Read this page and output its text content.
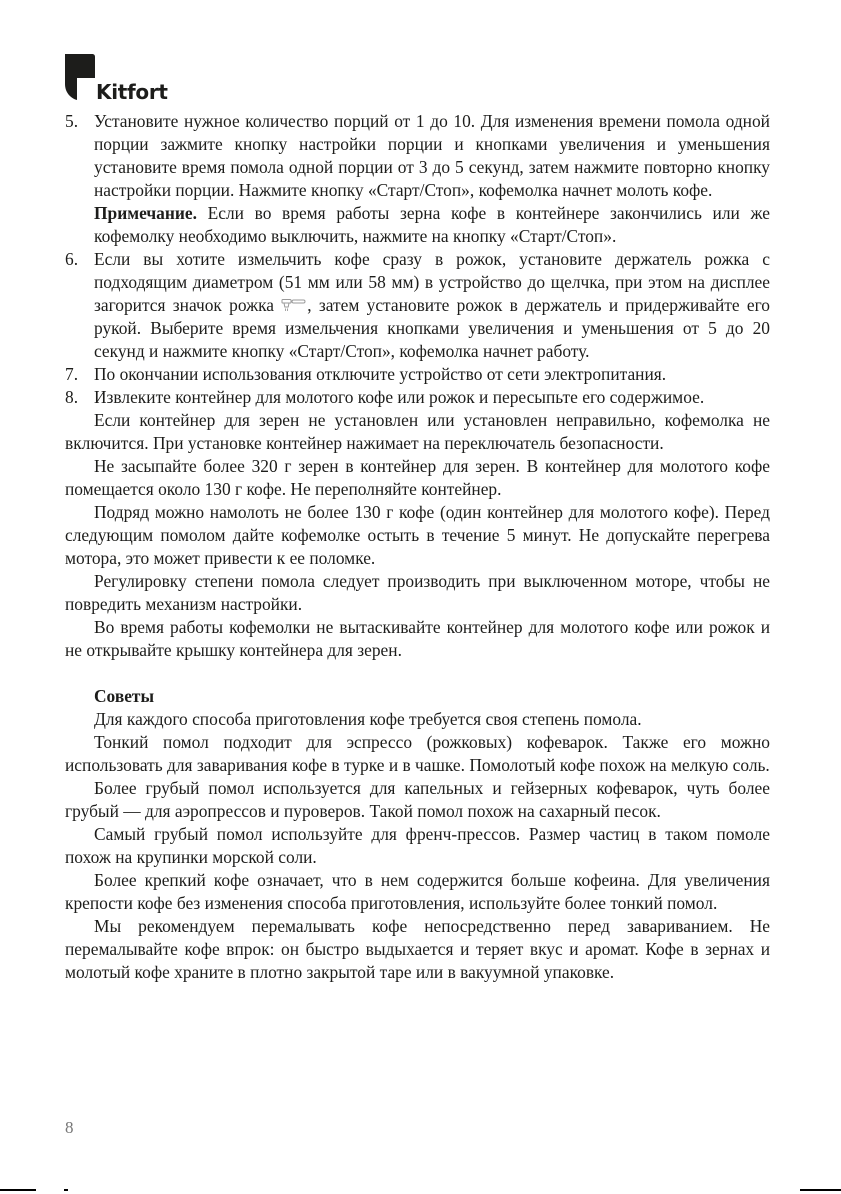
Kitfort
5. Установите нужное количество порций от 1 до 10. Для изменения времени помола одной порции зажмите кнопку настройки порции и кнопками увеличения и уменьшения установите время помола одной порции от 3 до 5 секунд, затем нажмите повторно кнопку настройки порции. Нажмите кнопку «Старт/Стоп», кофемолка начнет молоть кофе.

Примечание. Если во время работы зерна кофе в контейнере закончились или же кофемолку необходимо выключить, нажмите на кнопку «Старт/Стоп».

6. Если вы хотите измельчить кофе сразу в рожок, установите держатель рожка с подходящим диаметром (51 мм или 58 мм) в устройство до щелчка, при этом на дисплее загорится значок рожка , затем установите рожок в держатель и придерживайте его рукой. Выберите время измельчения кнопками увеличения и уменьшения от 5 до 20 секунд и нажмите кнопку «Старт/Стоп», кофемолка начнет работу.
7. По окончании использования отключите устройство от сети электропитания.
8. Извлеките контейнер для молотого кофе или рожок и пересыпьте его содержимое.

Если контейнер для зерен не установлен или установлен неправильно, кофемолка не включится. При установке контейнер нажимает на переключатель безопасности.

Не засыпайте более 320 г зерен в контейнер для зерен. В контейнер для молотого кофе помещается около 130 г кофе. Не переполняйте контейнер.

Подряд можно намолоть не более 130 г кофе (один контейнер для молотого кофе). Перед следующим помолом дайте кофемолке остыть в течение 5 минут. Не допускайте перегрева мотора, это может привести к ее поломке.

Регулировку степени помола следует производить при выключенном моторе, чтобы не повредить механизм настройки.

Во время работы кофемолки не вытаскивайте контейнер для молотого кофе или рожок и не открывайте крышку контейнера для зерен.

Советы

Для каждого способа приготовления кофе требуется своя степень помола.

Тонкий помол подходит для эспрессо (рожковых) кофеварок. Также его можно использовать для заваривания кофе в турке и в чашке. Помолотый кофе похож на мелкую соль.

Более грубый помол используется для капельных и гейзерных кофеварок, чуть более грубый — для аэропрессов и пуроверов. Такой помол похож на сахарный песок.

Самый грубый помол используйте для френч-прессов. Размер частиц в таком помоле похож на крупинки морской соли.

Более крепкий кофе означает, что в нем содержится больше кофеина. Для увеличения крепости кофе без изменения способа приготовления, используйте более тонкий помол.

Мы рекомендуем перемалывать кофе непосредственно перед завариванием. Не перемалывайте кофе впрок: он быстро выдыхается и теряет вкус и аромат. Кофе в зернах и молотый кофе храните в плотно закрытой таре или в вакуумной упаковке.

8
